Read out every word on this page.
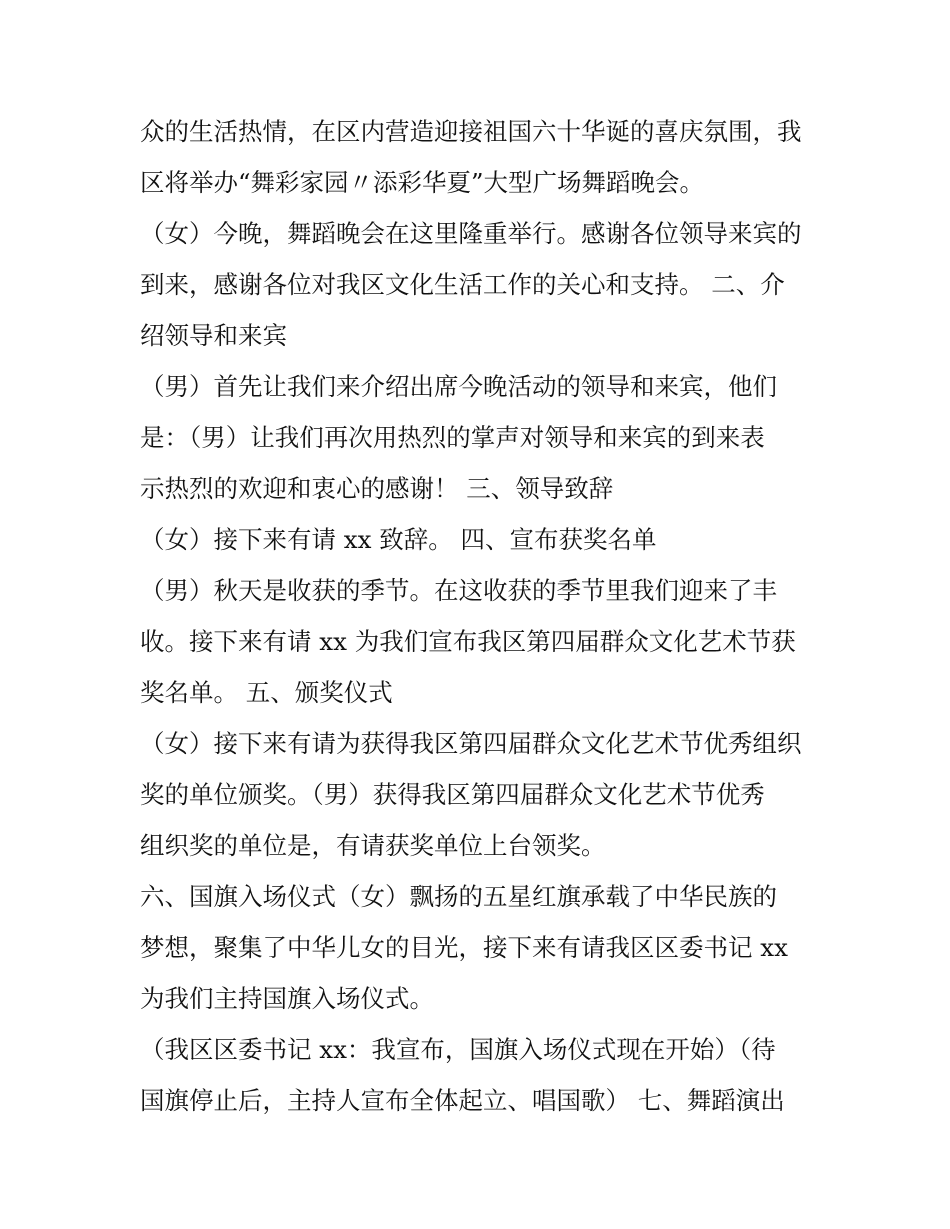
众的生活热情，在区内营造迎接祖国六十华诞的喜庆氛围，我
区将举办“舞彩家园〃添彩华夏”大型广场舞蹈晚会。
（女）今晚，舞蹈晚会在这里隆重举行。感谢各位领导来宾的
到来，感谢各位对我区文化生活工作的关心和支持。 二、介
绍领导和来宾
（男）首先让我们来介绍出席今晚活动的领导和来宾，他们
是：（男）让我们再次用热烈的掌声对领导和来宾的到来表
示热烈的欢迎和衷心的感谢！ 三、领导致辞
（女）接下来有请 xx 致辞。 四、宣布获奖名单
（男）秋天是收获的季节。在这收获的季节里我们迎来了丰
收。接下来有请 xx 为我们宣布我区第四届群众文化艺术节获
奖名单。 五、颁奖仪式
（女）接下来有请为获得我区第四届群众文化艺术节优秀组织
奖的单位颁奖。（男）获得我区第四届群众文化艺术节优秀
组织奖的单位是，有请获奖单位上台领奖。
六、国旗入场仪式（女）飘扬的五星红旗承载了中华民族的
梦想，聚集了中华儿女的目光，接下来有请我区区委书记 xx
为我们主持国旗入场仪式。
（我区区委书记 xx：我宣布，国旗入场仪式现在开始）（待
国旗停止后，主持人宣布全体起立、唱国歌） 七、舞蹈演出
